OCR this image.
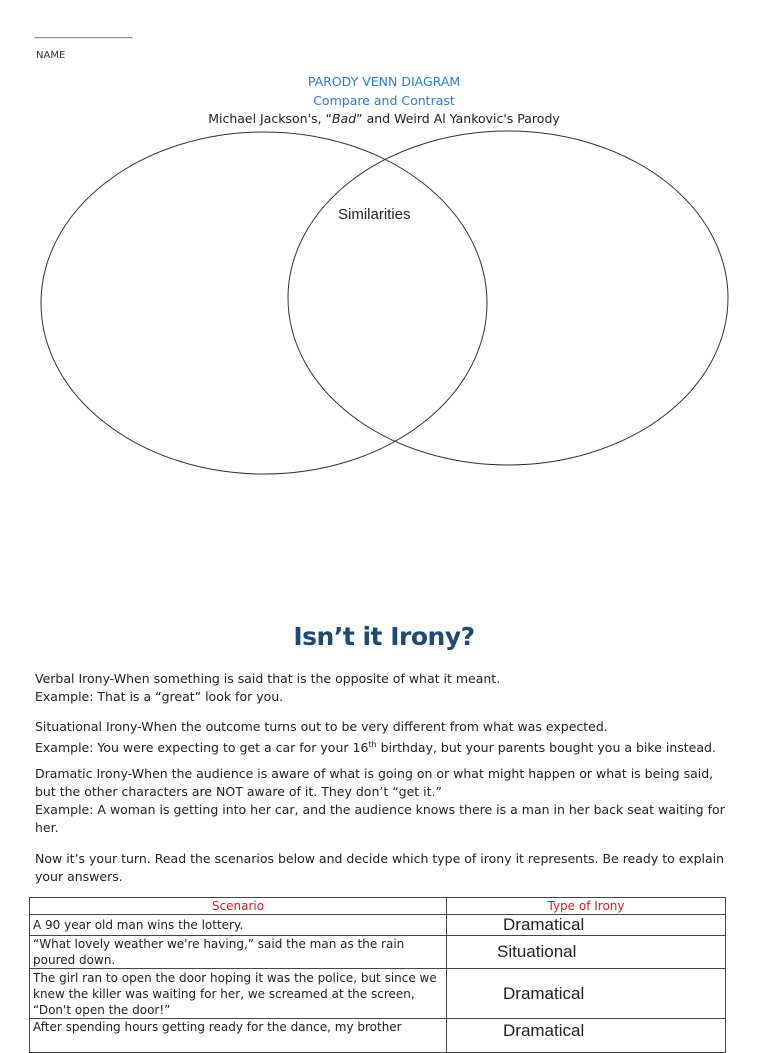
----------------------------------------------------
NAME
PARODY VENN DIAGRAM
Compare and Contrast
Michael Jackson's, “Bad” and Weird Al Yankovic's Parody
Similarities
Isn’t it Irony?
Verbal Irony-When something is said that is the opposite of what it meant.
Example: That is a “great” look for you.
Situational Irony-When the outcome turns out to be very different from what was expected.
Example: You were expecting to get a car for your 16th birthday, but your parents bought you a bike instead.
Dramatic Irony-When the audience is aware of what is going on or what might happen or what is being said, but the other characters are NOT aware of it. They don’t “get it.”
Example: A woman is getting into her car, and the audience knows there is a man in her back seat waiting for her.
Now it’s your turn. Read the scenarios below and decide which type of irony it represents. Be ready to explain your answers.
Scenario	Type of Irony
A 90 year old man wins the lottery.	Dramatical
“What lovely weather we're having,” said the man as the rain poured down.	Situational
The girl ran to open the door hoping it was the police, but since we knew the killer was waiting for her, we screamed at the screen, “Don't open the door!”	Dramatical
After spending hours getting ready for the dance, my brother	Dramatical
